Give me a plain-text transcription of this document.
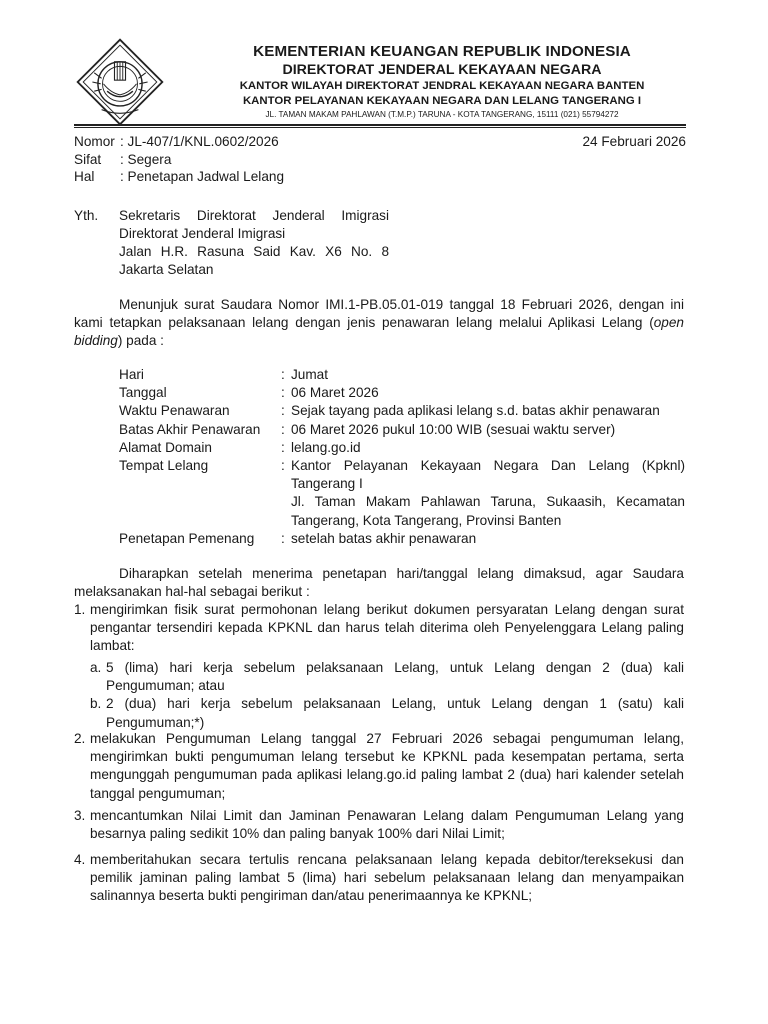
KEMENTERIAN KEUANGAN REPUBLIK INDONESIA
DIREKTORAT JENDERAL KEKAYAAN NEGARA
KANTOR WILAYAH DIREKTORAT JENDRAL KEKAYAAN NEGARA BANTEN
KANTOR PELAYANAN KEKAYAAN NEGARA DAN LELANG TANGERANG I
JL. TAMAN MAKAM PAHLAWAN (T.M.P.) TARUNA - KOTA TANGERANG, 15111 (021) 55794272
Nomor : JL-407/1/KNL.0602/2026
Sifat	: Segera
Hal	: Penetapan Jadwal Lelang
24 Februari 2026
Yth. Sekretaris Direktorat Jenderal Imigrasi
Direktorat Jenderal Imigrasi
Jalan H.R. Rasuna Said Kav. X6 No. 8
Jakarta Selatan
Menunjuk surat Saudara Nomor IMI.1-PB.05.01-019 tanggal 18 Februari 2026, dengan ini kami tetapkan pelaksanaan lelang dengan jenis penawaran lelang melalui Aplikasi Lelang (open bidding) pada :
Hari	: Jumat
Tanggal	: 06 Maret 2026
Waktu Penawaran	: Sejak tayang pada aplikasi lelang s.d. batas akhir penawaran
Batas Akhir Penawaran	: 06 Maret 2026 pukul 10:00 WIB (sesuai waktu server)
Alamat Domain	: lelang.go.id
Tempat Lelang	: Kantor Pelayanan Kekayaan Negara Dan Lelang (Kpknl) Tangerang I
Jl. Taman Makam Pahlawan Taruna, Sukaasih, Kecamatan Tangerang, Kota Tangerang, Provinsi Banten
Penetapan Pemenang	: setelah batas akhir penawaran
Diharapkan setelah menerima penetapan hari/tanggal lelang dimaksud, agar Saudara melaksanakan hal-hal sebagai berikut :
1. mengirimkan fisik surat permohonan lelang berikut dokumen persyaratan Lelang dengan surat pengantar tersendiri kepada KPKNL dan harus telah diterima oleh Penyelenggara Lelang paling lambat:
a. 5 (lima) hari kerja sebelum pelaksanaan Lelang, untuk Lelang dengan 2 (dua) kali Pengumuman; atau
b. 2 (dua) hari kerja sebelum pelaksanaan Lelang, untuk Lelang dengan 1 (satu) kali Pengumuman;*)
2. melakukan Pengumuman Lelang tanggal 27 Februari 2026 sebagai pengumuman lelang, mengirimkan bukti pengumuman lelang tersebut ke KPKNL pada kesempatan pertama, serta mengunggah pengumuman pada aplikasi lelang.go.id paling lambat 2 (dua) hari kalender setelah tanggal pengumuman;
3. mencantumkan Nilai Limit dan Jaminan Penawaran Lelang dalam Pengumuman Lelang yang besarnya paling sedikit 10% dan paling banyak 100% dari Nilai Limit;
4. memberitahukan secara tertulis rencana pelaksanaan lelang kepada debitor/tereksekusi dan pemilik jaminan paling lambat 5 (lima) hari sebelum pelaksanaan lelang dan menyampaikan salinannya beserta bukti pengiriman dan/atau penerimaannya ke KPKNL;
